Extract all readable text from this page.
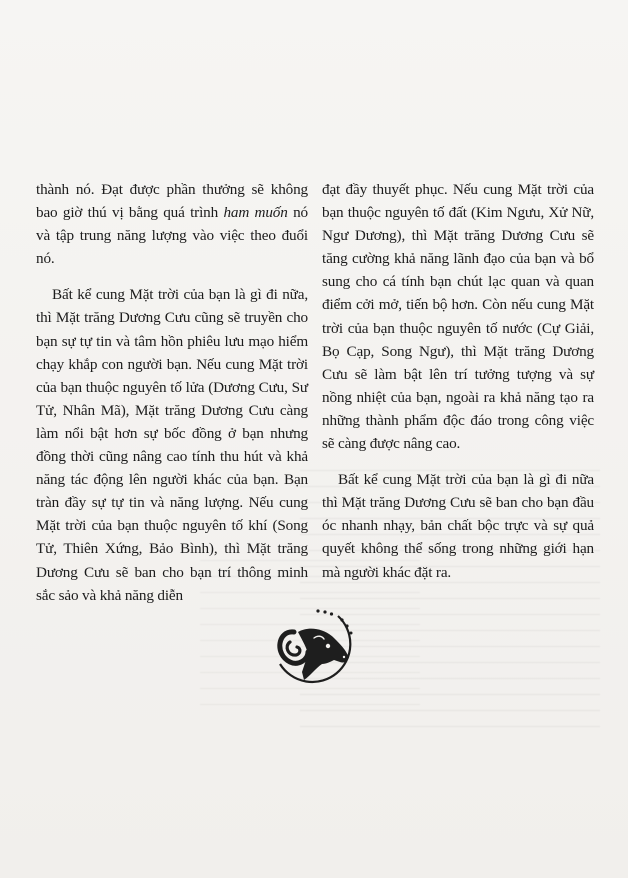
thành nó. Đạt được phần thưởng sẽ không bao giờ thú vị bằng quá trình ham muốn nó và tập trung năng lượng vào việc theo đuổi nó.

Bất kể cung Mặt trời của bạn là gì đi nữa, thì Mặt trăng Dương Cưu cũng sẽ truyền cho bạn sự tự tin và tâm hồn phiêu lưu mạo hiểm chạy khắp con người bạn. Nếu cung Mặt trời của bạn thuộc nguyên tố lửa (Dương Cưu, Sư Tử, Nhân Mã), Mặt trăng Dương Cưu càng làm nổi bật hơn sự bốc đồng ở bạn nhưng đồng thời cũng nâng cao tính thu hút và khả năng tác động lên người khác của bạn. Bạn tràn đầy sự tự tin và năng lượng. Nếu cung Mặt trời của bạn thuộc nguyên tố khí (Song Tử, Thiên Xứng, Bảo Bình), thì Mặt trăng Dương Cưu sẽ ban cho bạn trí thông minh sắc sảo và khả năng diễn

đạt đầy thuyết phục. Nếu cung Mặt trời của bạn thuộc nguyên tố đất (Kim Ngưu, Xử Nữ, Ngư Dương), thì Mặt trăng Dương Cưu sẽ tăng cường khả năng lãnh đạo của bạn và bổ sung cho cá tính bạn chút lạc quan và quan điểm cởi mở, tiến bộ hơn. Còn nếu cung Mặt trời của bạn thuộc nguyên tố nước (Cự Giải, Bọ Cạp, Song Ngư), thì Mặt trăng Dương Cưu sẽ làm bật lên trí tưởng tượng và sự nồng nhiệt của bạn, ngoài ra khả năng tạo ra những thành phẩm độc đáo trong công việc sẽ càng được nâng cao.

Bất kể cung Mặt trời của bạn là gì đi nữa thì Mặt trăng Dương Cưu sẽ ban cho bạn đầu óc nhanh nhạy, bản chất bộc trực và sự quả quyết không thể sống trong những giới hạn mà người khác đặt ra.
